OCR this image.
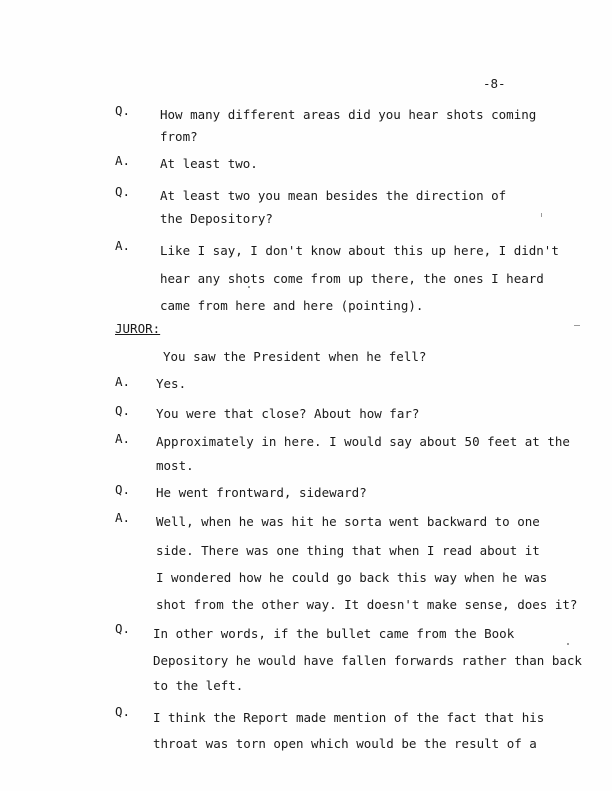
-8-
Q. How many different areas did you hear shots coming
from?
A. At least two.
Q. At least two you mean besides the direction of
the Depository?
A. Like I say, I don't know about this up here, I didn't
hear any shots come from up there, the ones I heard
came from here and here (pointing).
JUROR:
You saw the President when he fell?
A. Yes.
Q. You were that close? About how far?
A. Approximately in here. I would say about 50 feet at the
most.
Q. He went frontward, sideward?
A. Well, when he was hit he sorta went backward to one
side. There was one thing that when I read about it
I wondered how he could go back this way when he was
shot from the other way. It doesn't make sense, does it?
Q. In other words, if the bullet came from the Book
Depository he would have fallen forwards rather than back
to the left.
Q. I think the Report made mention of the fact that his
throat was torn open which would be the result of a
